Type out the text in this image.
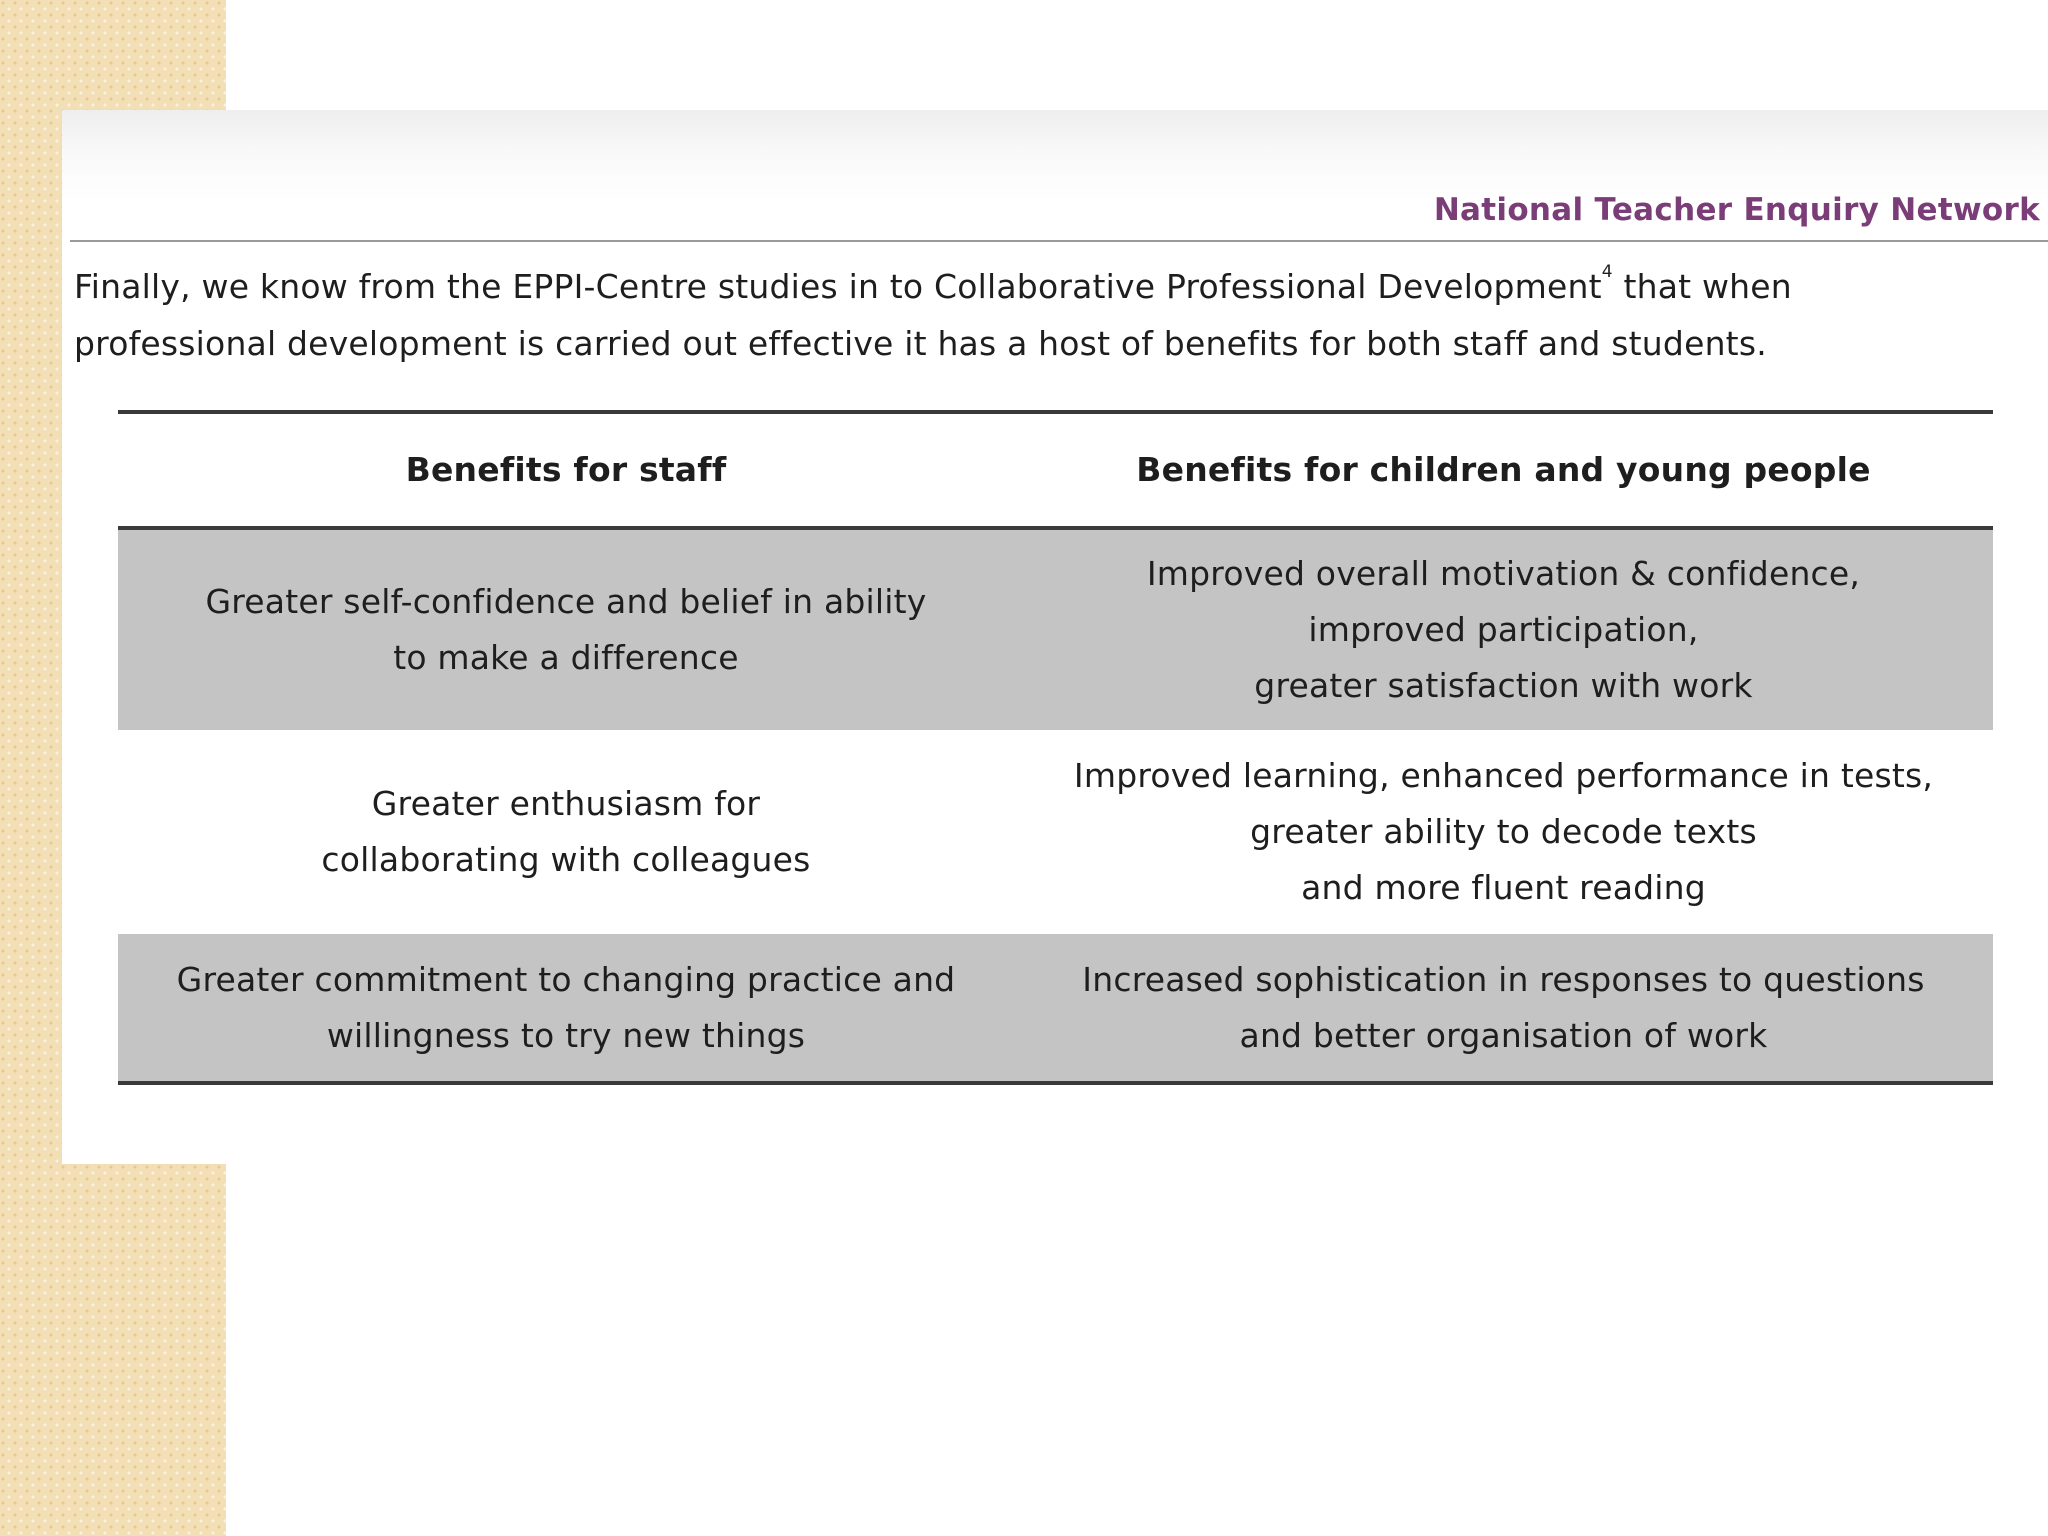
National Teacher Enquiry Network
Finally, we know from the EPPI-Centre studies in to Collaborative Professional Development$^4$ that when
professional development is carried out effective it has a host of benefits for both staff and students.
Benefits for staff	Benefits for children and young people
Greater self-confidence and belief in ability
to make a difference
Improved overall motivation & confidence,
improved participation,
greater satisfaction with work
Greater enthusiasm for
collaborating with colleagues
Improved learning, enhanced performance in tests,
greater ability to decode texts
and more fluent reading
Greater commitment to changing practice and
willingness to try new things
Increased sophistication in responses to questions
and better organisation of work
